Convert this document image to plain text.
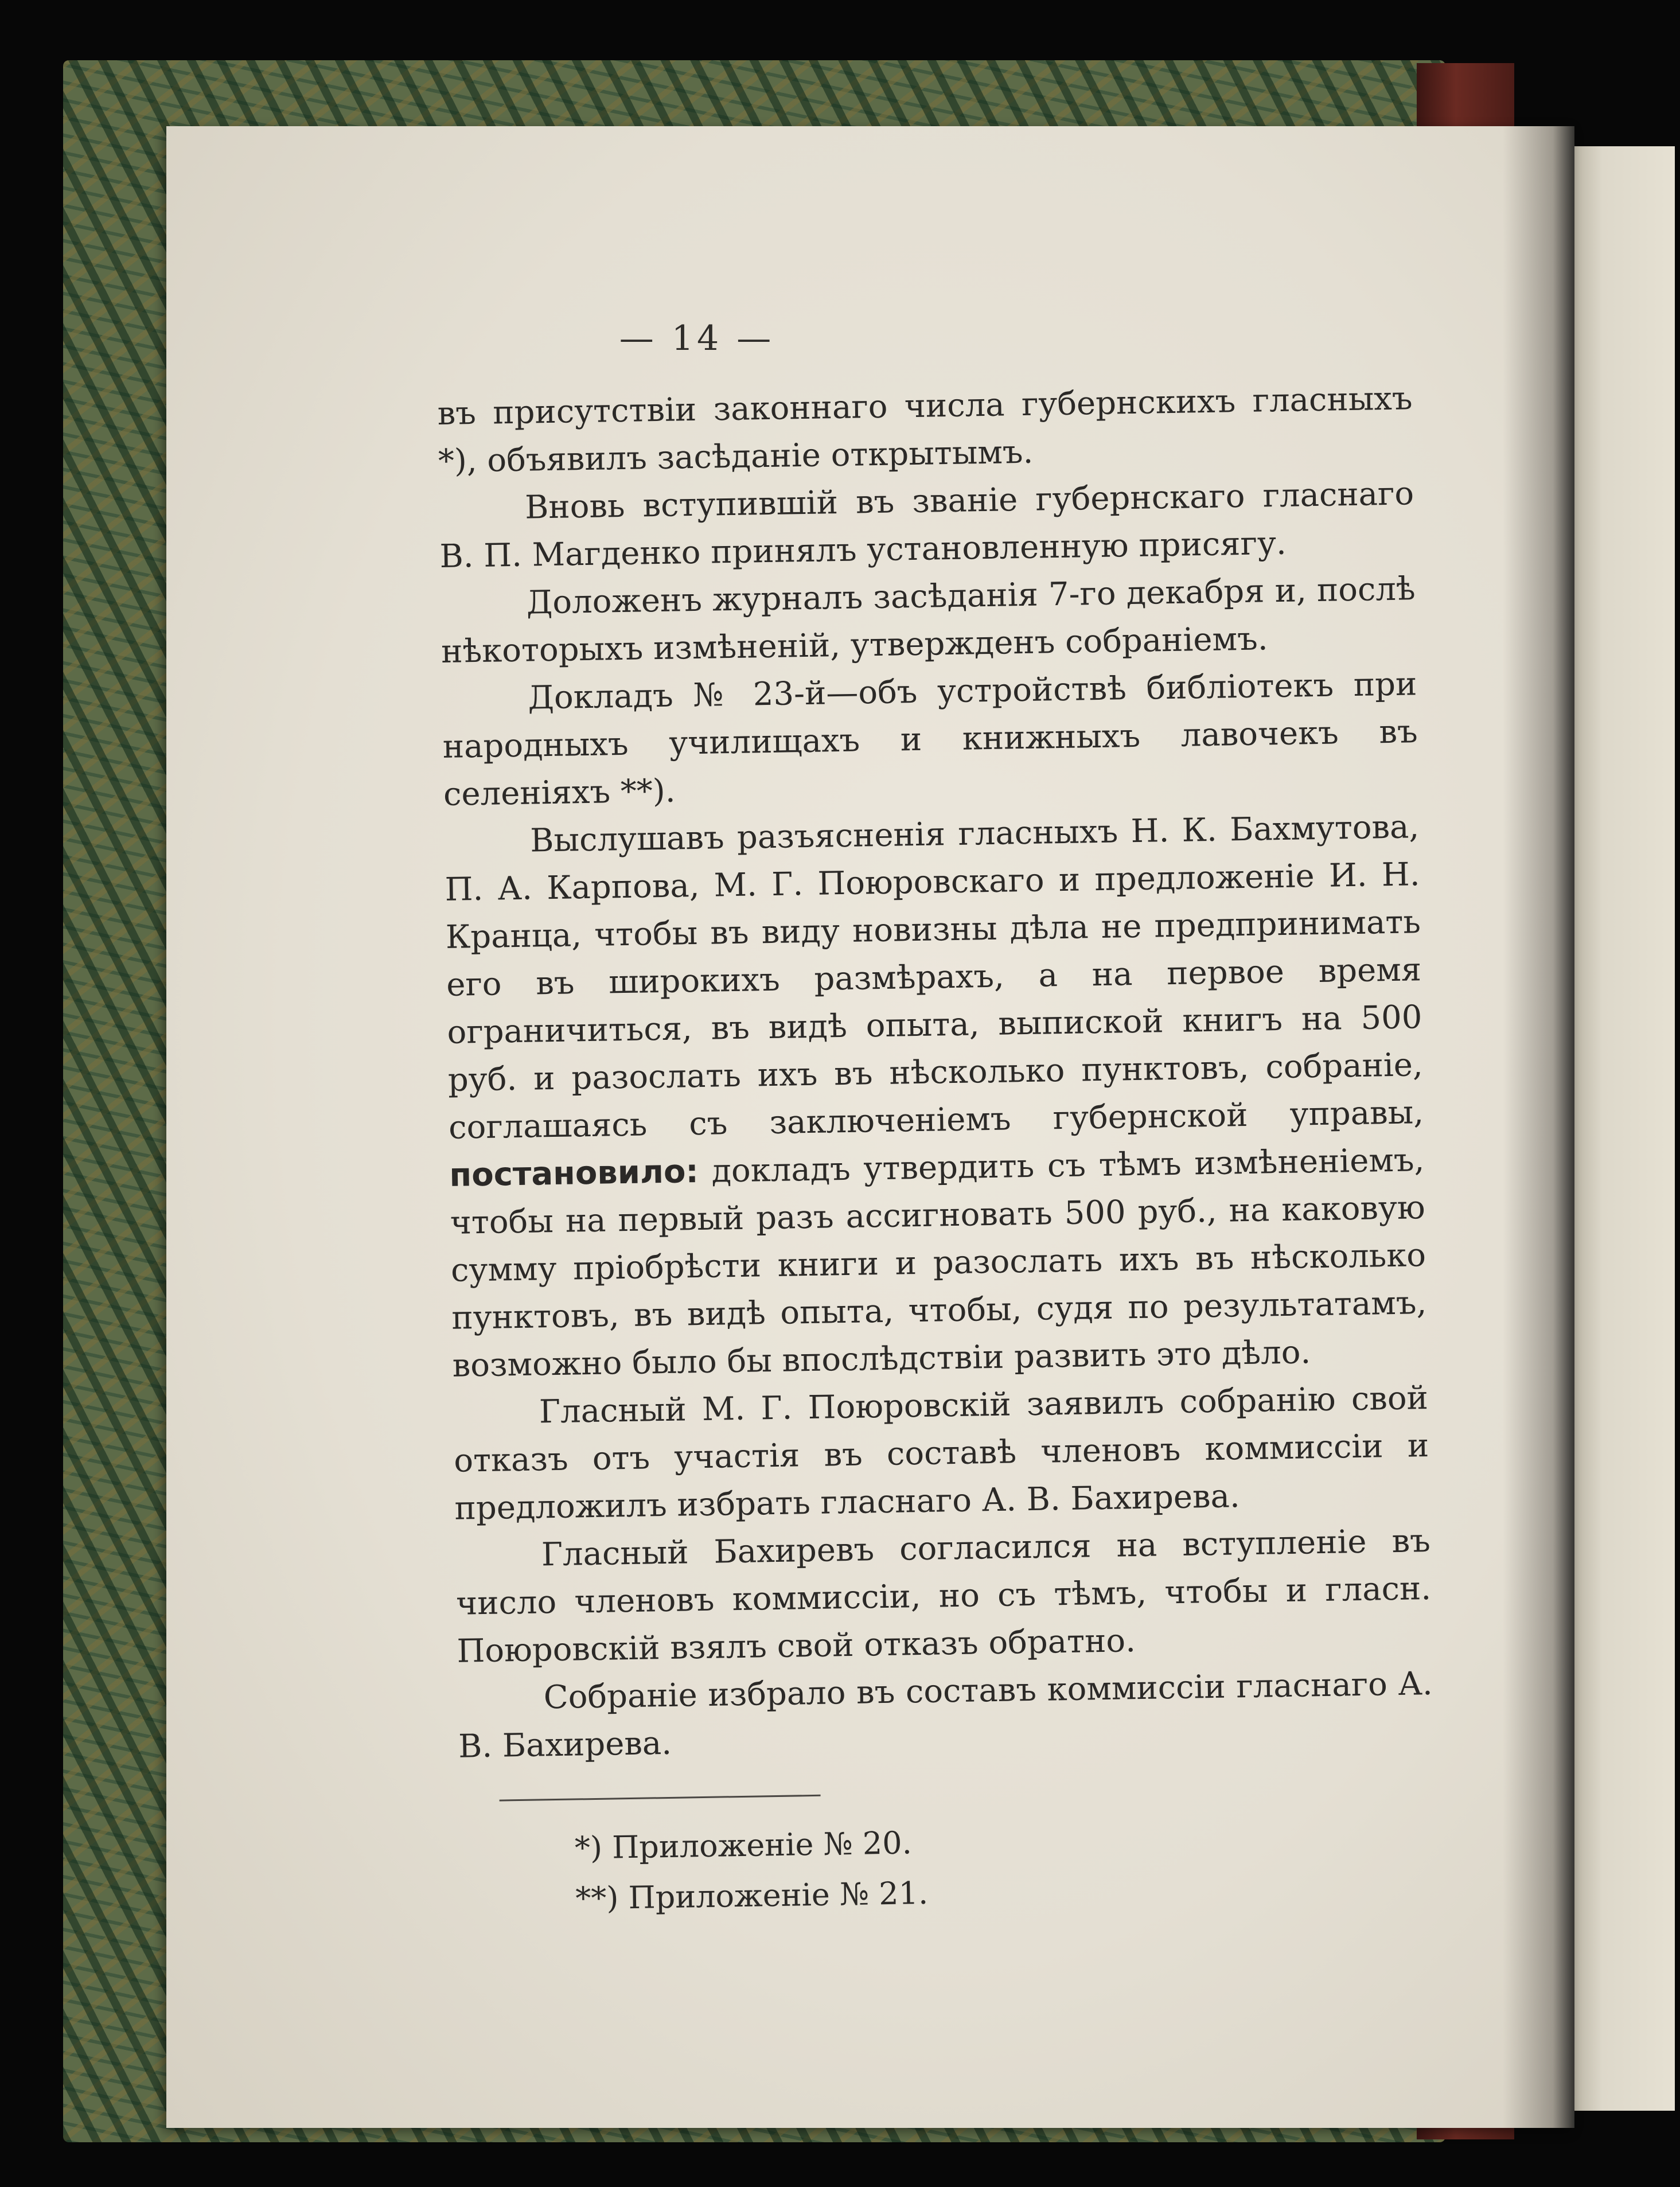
— 14 —

въ присутствіи законнаго числа губернскихъ гласныхъ *), объявилъ засѣданіе открытымъ.

Вновь вступившій въ званіе губернскаго гласнаго В. П. Магденко принялъ установленную присягу.

Доложенъ журналъ засѣданія 7-го декабря и, послѣ нѣкоторыхъ измѣненій, утвержденъ собраніемъ.

Докладъ № 23-й—объ устройствѣ библіотекъ при народныхъ училищахъ и книжныхъ лавочекъ въ селеніяхъ **).

Выслушавъ разъясненія гласныхъ Н. К. Бахмутова, П. А. Карпова, М. Г. Поюровскаго и предложеніе И. Н. Кранца, чтобы въ виду новизны дѣла не предпринимать его въ широкихъ размѣрахъ, а на первое время ограничиться, въ видѣ опыта, выпиской книгъ на 500 руб. и разослать ихъ въ нѣсколько пунктовъ, собраніе, соглашаясь съ заключеніемъ губернской управы, постановило: докладъ утвердить съ тѣмъ измѣненіемъ, чтобы на первый разъ ассигновать 500 руб., на каковую сумму пріобрѣсти книги и разослать ихъ въ нѣсколько пунктовъ, въ видѣ опыта, чтобы, судя по результатамъ, возможно было бы впослѣдствіи развить это дѣло.

Гласный М. Г. Поюровскій заявилъ собранію свой отказъ отъ участія въ составѣ членовъ коммиссіи и предложилъ избрать гласнаго А. В. Бахирева.

Гласный Бахиревъ согласился на вступленіе въ число членовъ коммиссіи, но съ тѣмъ, чтобы и гласн. Поюровскій взялъ свой отказъ обратно.

Собраніе избрало въ составъ коммиссіи гласнаго А. В. Бахирева.

*) Приложеніе № 20.
**) Приложеніе № 21.
